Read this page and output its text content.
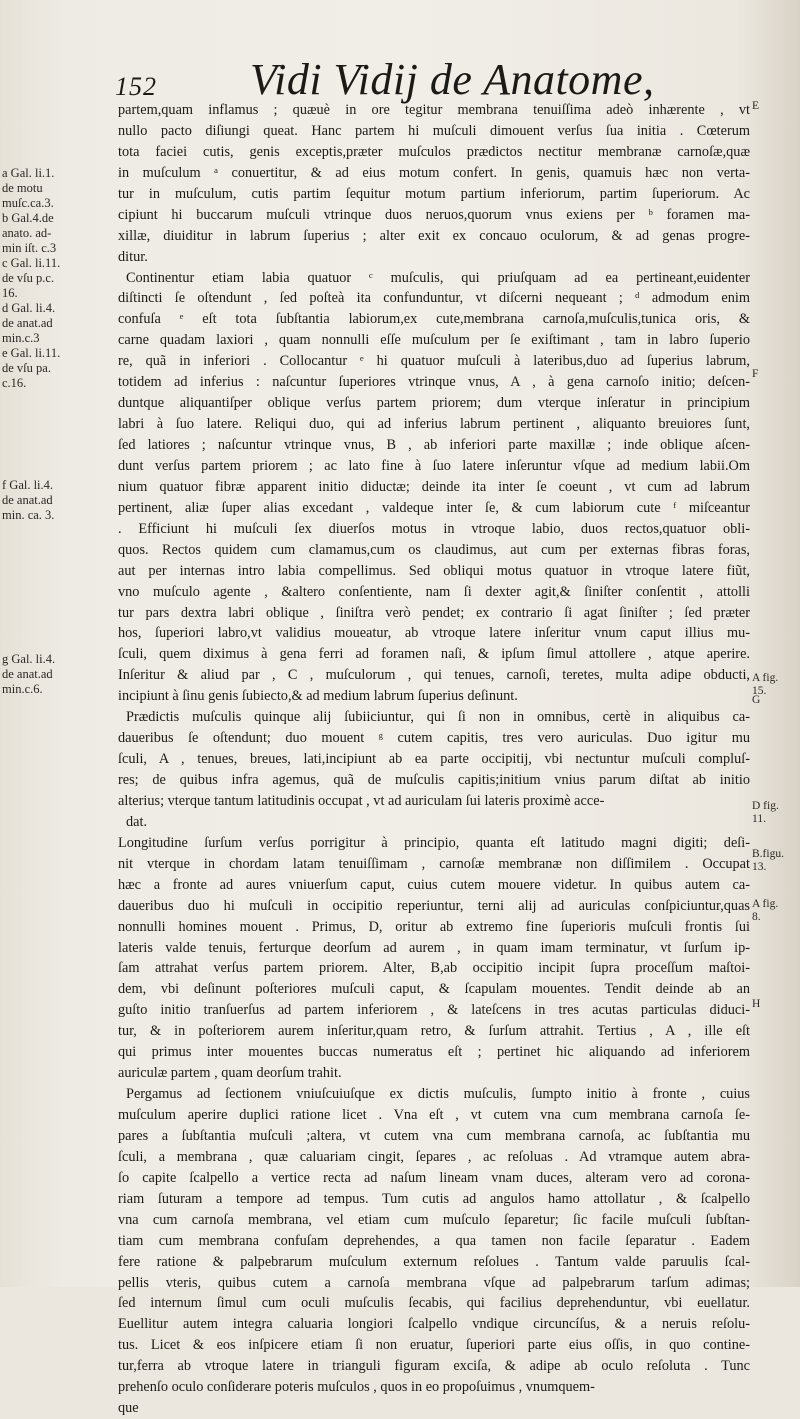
152 Vidi Vidij de Anatome,
partem,quam inflamus ; quæuè in ore tegitur membrana tenuiſſima adeò inhærente , vt
nullo pacto diſiungi queat. Hanc partem hi muſculi dimouent verſus ſua initia . Cœterum
tota faciei cutis, genis exceptis,præter muſculos prædictos nectitur membranæ carnoſæ,quæ
in muſculum ᵃ conuertitur, & ad eius motum confert. In genis, quamuis hæc non verta-
tur in muſculum, cutis partim ſequitur motum partium inferiorum, partim ſuperiorum. Ac
cipiunt hi buccarum muſculi vtrinque duos neruos,quorum vnus exiens per ᵇ foramen ma-
xillæ, diuiditur in labrum ſuperius ; alter exit ex concauo oculorum, & ad genas progre-
ditur.
Continentur etiam labia quatuor ᶜ muſculis, qui priuſquam ad ea pertineant,euidenter
diſtincti ſe oſtendunt , ſed poſteà ita confunduntur, vt diſcerni nequeant ; ᵈ admodum enim
confuſa ᵉ eſt tota ſubſtantia labiorum,ex cute,membrana carnoſa,muſculis,tunica oris, &
carne quadam laxiori , quam nonnulli eſſe muſculum per ſe exiſtimant , tam in labro ſuperio
re, quã in inferiori . Collocantur ᵉ hi quatuor muſculi à lateribus,duo ad ſuperius labrum,
totidem ad inferius : naſcuntur ſuperiores vtrinque vnus, A , à gena carnoſo initio; deſcen-
duntque aliquantiſper oblique verſus partem priorem; dum vterque inſeratur in principium
labri à ſuo latere. Reliqui duo, qui ad inferius labrum pertinent , aliquanto breuiores ſunt,
ſed latiores ; naſcuntur vtrinque vnus, B , ab inferiori parte maxillæ ; inde oblique aſcen-
dunt verſus partem priorem ; ac lato fine à ſuo latere inſeruntur vſque ad medium labii.Om
nium quatuor fibræ apparent initio diductæ; deinde ita inter ſe coeunt , vt cum ad labrum
pertinent, aliæ ſuper alias excedant , valdeque inter ſe, & cum labiorum cute ᶠ miſceantur
. Efficiunt hi muſculi ſex diuerſos motus in vtroque labio, duos rectos,quatuor obli-
quos. Rectos quidem cum clamamus,cum os claudimus, aut cum per externas fibras foras,
aut per internas intro labia compellimus. Sed obliqui motus quatuor in vtroque latere fiũt,
vno muſculo agente , &altero conſentiente, nam ſi dexter agit,& ſiniſter conſentit , attolli
tur pars dextra labri oblique , ſiniſtra verò pendet; ex contrario ſi agat ſiniſter ; ſed præter
hos, ſuperiori labro,vt validius moueatur, ab vtroque latere inſeritur vnum caput illius mu-
ſculi, quem diximus à gena ferri ad foramen naſi, & ipſum ſimul attollere , atque aperire.
Inſeritur & aliud par , C , muſculorum , qui tenues, carnoſi, teretes, multa adipe obducti,
incipiunt à ſinu genis ſubiecto,& ad medium labrum ſuperius deſinunt.
Prædictis muſculis quinque alij ſubiiciuntur, qui ſi non in omnibus, certè in aliquibus ca-
daueribus ſe oſtendunt; duo mouent ᵍ cutem capitis, tres vero auriculas. Duo igitur mu
ſculi, A , tenues, breues, lati,incipiunt ab ea parte occipitij, vbi nectuntur muſculi compluſ-
res; de quibus infra agemus, quã de muſculis capitis;initium vnius parum diſtat ab initio
alterius; vterque tantum latitudinis occupat , vt ad auriculam ſui lateris proximè acce-
dat.
Longitudine ſurſum verſus porrigitur à principio, quanta eſt latitudo magni digiti; deſi-
nit vterque in chordam latam tenuiſſimam , carnoſæ membranæ non diſſimilem . Occupat
hæc a fronte ad aures vniuerſum caput, cuius cutem mouere videtur. In quibus autem ca-
daueribus duo hi muſculi in occipitio reperiuntur, terni alij ad auriculas conſpiciuntur,quas
nonnulli homines mouent . Primus, D, oritur ab extremo fine ſuperioris muſculi frontis ſui
lateris valde tenuis, ferturque deorſum ad aurem , in quam imam terminatur, vt ſurſum ip-
ſam attrahat verſus partem priorem. Alter, B,ab occipitio incipit ſupra proceſſum maſtoi-
dem, vbi deſinunt poſteriores muſculi caput, & ſcapulam mouentes. Tendit deinde ab an
guſto initio tranſuerſus ad partem inferiorem , & lateſcens in tres acutas particulas diduci-
tur, & in poſteriorem aurem inſeritur,quam retro, & ſurſum attrahit. Tertius , A , ille eſt
qui primus inter mouentes buccas numeratus eſt ; pertinet hic aliquando ad inferiorem
auriculæ partem , quam deorſum trahit.
Pergamus ad ſectionem vniuſcuiuſque ex dictis muſculis, ſumpto initio à fronte , cuius
muſculum aperire duplici ratione licet . Vna eſt , vt cutem vna cum membrana carnoſa ſe-
pares a ſubſtantia muſculi ;altera, vt cutem vna cum membrana carnoſa, ac ſubſtantia mu
ſculi, a membrana , quæ caluariam cingit, ſepares , ac reſoluas . Ad vtramque autem abra-
ſo capite ſcalpello a vertice recta ad naſum lineam vnam duces, alteram vero ad corona-
riam ſuturam a tempore ad tempus. Tum cutis ad angulos hamo attollatur , & ſcalpello
vna cum carnoſa membrana, vel etiam cum muſculo ſeparetur; ſic facile muſculi ſubſtan-
tiam cum membrana confuſam deprehendes, a qua tamen non facile ſeparatur . Eadem
fere ratione & palpebrarum muſculum externum reſolues . Tantum valde paruulis ſcal-
pellis vteris, quibus cutem a carnoſa membrana vſque ad palpebrarum tarſum adimas;
ſed internum ſimul cum oculi muſculis ſecabis, qui facilius deprehenduntur, vbi euellatur.
Euellitur autem integra caluaria longiori ſcalpello vndique circuncíſus, & a neruis reſolu-
tus. Licet & eos inſpicere etiam ſi non eruatur, ſuperiori parte eius oſſis, in quo contine-
tur,ferra ab vtroque latere in trianguli figuram exciſa, & adipe ab oculo reſoluta . Tunc
prehenſo oculo conſiderare poteris muſculos , quos in eo propoſuimus , vnumquem-
que
a Gal. li.1.
de motu
muſc.ca.3.
b Gal.4.de
anato. ad-
min iſt. c.3
c Gal. li.11.
de vſu p.c.
16.
d Gal. li.4.
de anat.ad
min.c.3
e Gal. li.11.
de vſu pa.
c.16.
f Gal. li.4.
de anat.ad
min. ca. 3.
g Gal. li.4.
de anat.ad
min.c.6.
E
F
A fig.
15.
G
D fig.
11.
B.figu.
13.
A fig.
8.
H
